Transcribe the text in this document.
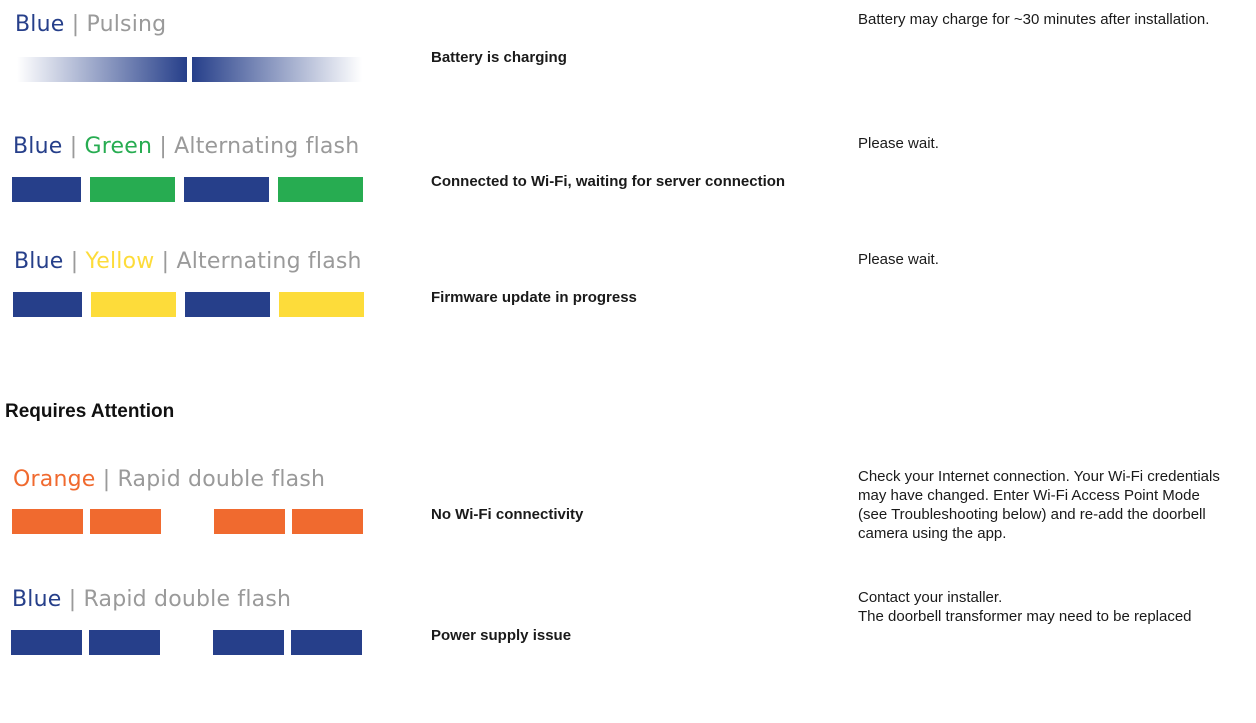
Blue | Pulsing
Battery is charging
Battery may charge for ~30 minutes after installation.
Blue | Green | Alternating flash
Connected to Wi-Fi, waiting for server connection
Please wait.
Blue | Yellow | Alternating flash
Firmware update in progress
Please wait.
Requires Attention
Orange | Rapid double flash
No Wi-Fi connectivity
Check your Internet connection. Your Wi-Fi credentials
may have changed. Enter Wi-Fi Access Point Mode
(see Troubleshooting below) and re-add the doorbell
camera using the app.
Blue | Rapid double flash
Power supply issue
Contact your installer.
The doorbell transformer may need to be replaced
